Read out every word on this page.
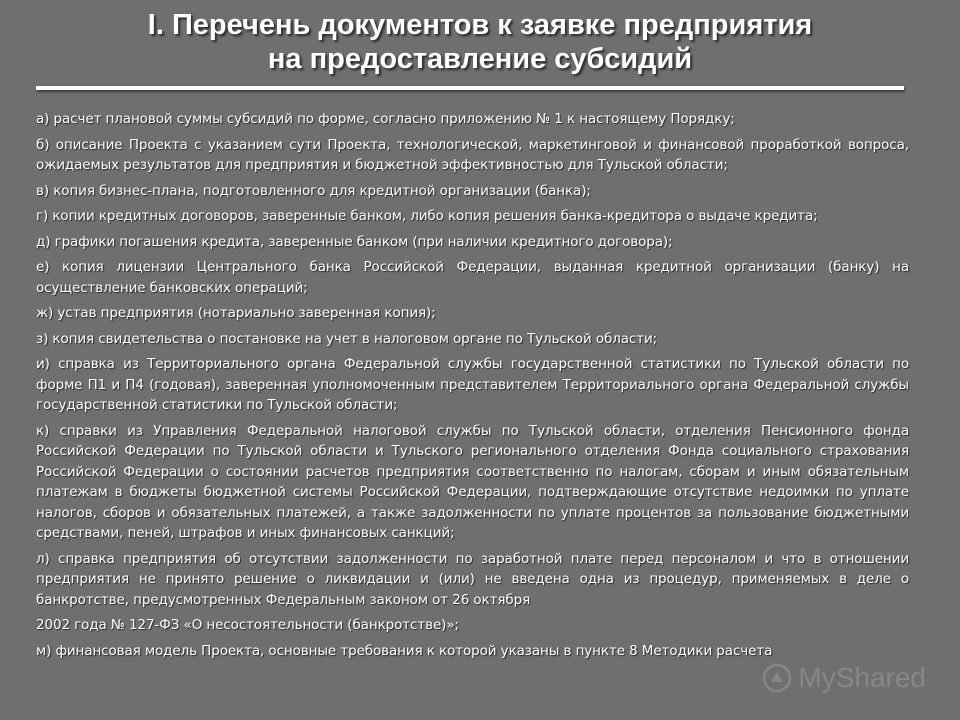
I. Перечень документов к заявке предприятия
на предоставление субсидий

а) расчет плановой суммы субсидий по форме, согласно приложению № 1 к настоящему Порядку;

б) описание Проекта с указанием сути Проекта, технологической, маркетинговой и финансовой проработкой вопроса, ожидаемых результатов для предприятия и бюджетной эффективностью для Тульской области;

в) копия бизнес-плана, подготовленного для кредитной организации (банка);

г) копии кредитных договоров, заверенные банком, либо копия решения банка-кредитора о выдаче кредита;

д) графики погашения кредита, заверенные банком (при наличии кредитного договора);

е) копия лицензии Центрального банка Российской Федерации, выданная кредитной организации (банку) на осуществление банковских операций;

ж) устав предприятия (нотариально заверенная копия);

з) копия свидетельства о постановке на учет в налоговом органе по Тульской области;

и) справка из Территориального органа Федеральной службы государственной статистики по Тульской области по форме П1 и П4 (годовая), заверенная уполномоченным представителем Территориального органа Федеральной службы государственной статистики по Тульской области;

к) справки из Управления Федеральной налоговой службы по Тульской области, отделения Пенсионного фонда Российской Федерации по Тульской области и Тульского регионального отделения Фонда социального страхования Российской Федерации о состоянии расчетов предприятия соответственно по налогам, сборам и иным обязательным платежам в бюджеты бюджетной системы Российской Федерации, подтверждающие отсутствие недоимки по уплате налогов, сборов и обязательных платежей, а также задолженности по уплате процентов за пользование бюджетными средствами, пеней, штрафов и иных финансовых санкций;

л) справка предприятия об отсутствии задолженности по заработной плате перед персоналом и что в отношении предприятия не принято решение о ликвидации и (или) не введена одна из процедур, применяемых в деле о банкротстве, предусмотренных Федеральным законом от 26 октября

2002 года № 127-ФЗ «О несостоятельности (банкротстве)»;

м) финансовая модель Проекта, основные требования к которой указаны в пункте 8 Методики расчета

MyShared
